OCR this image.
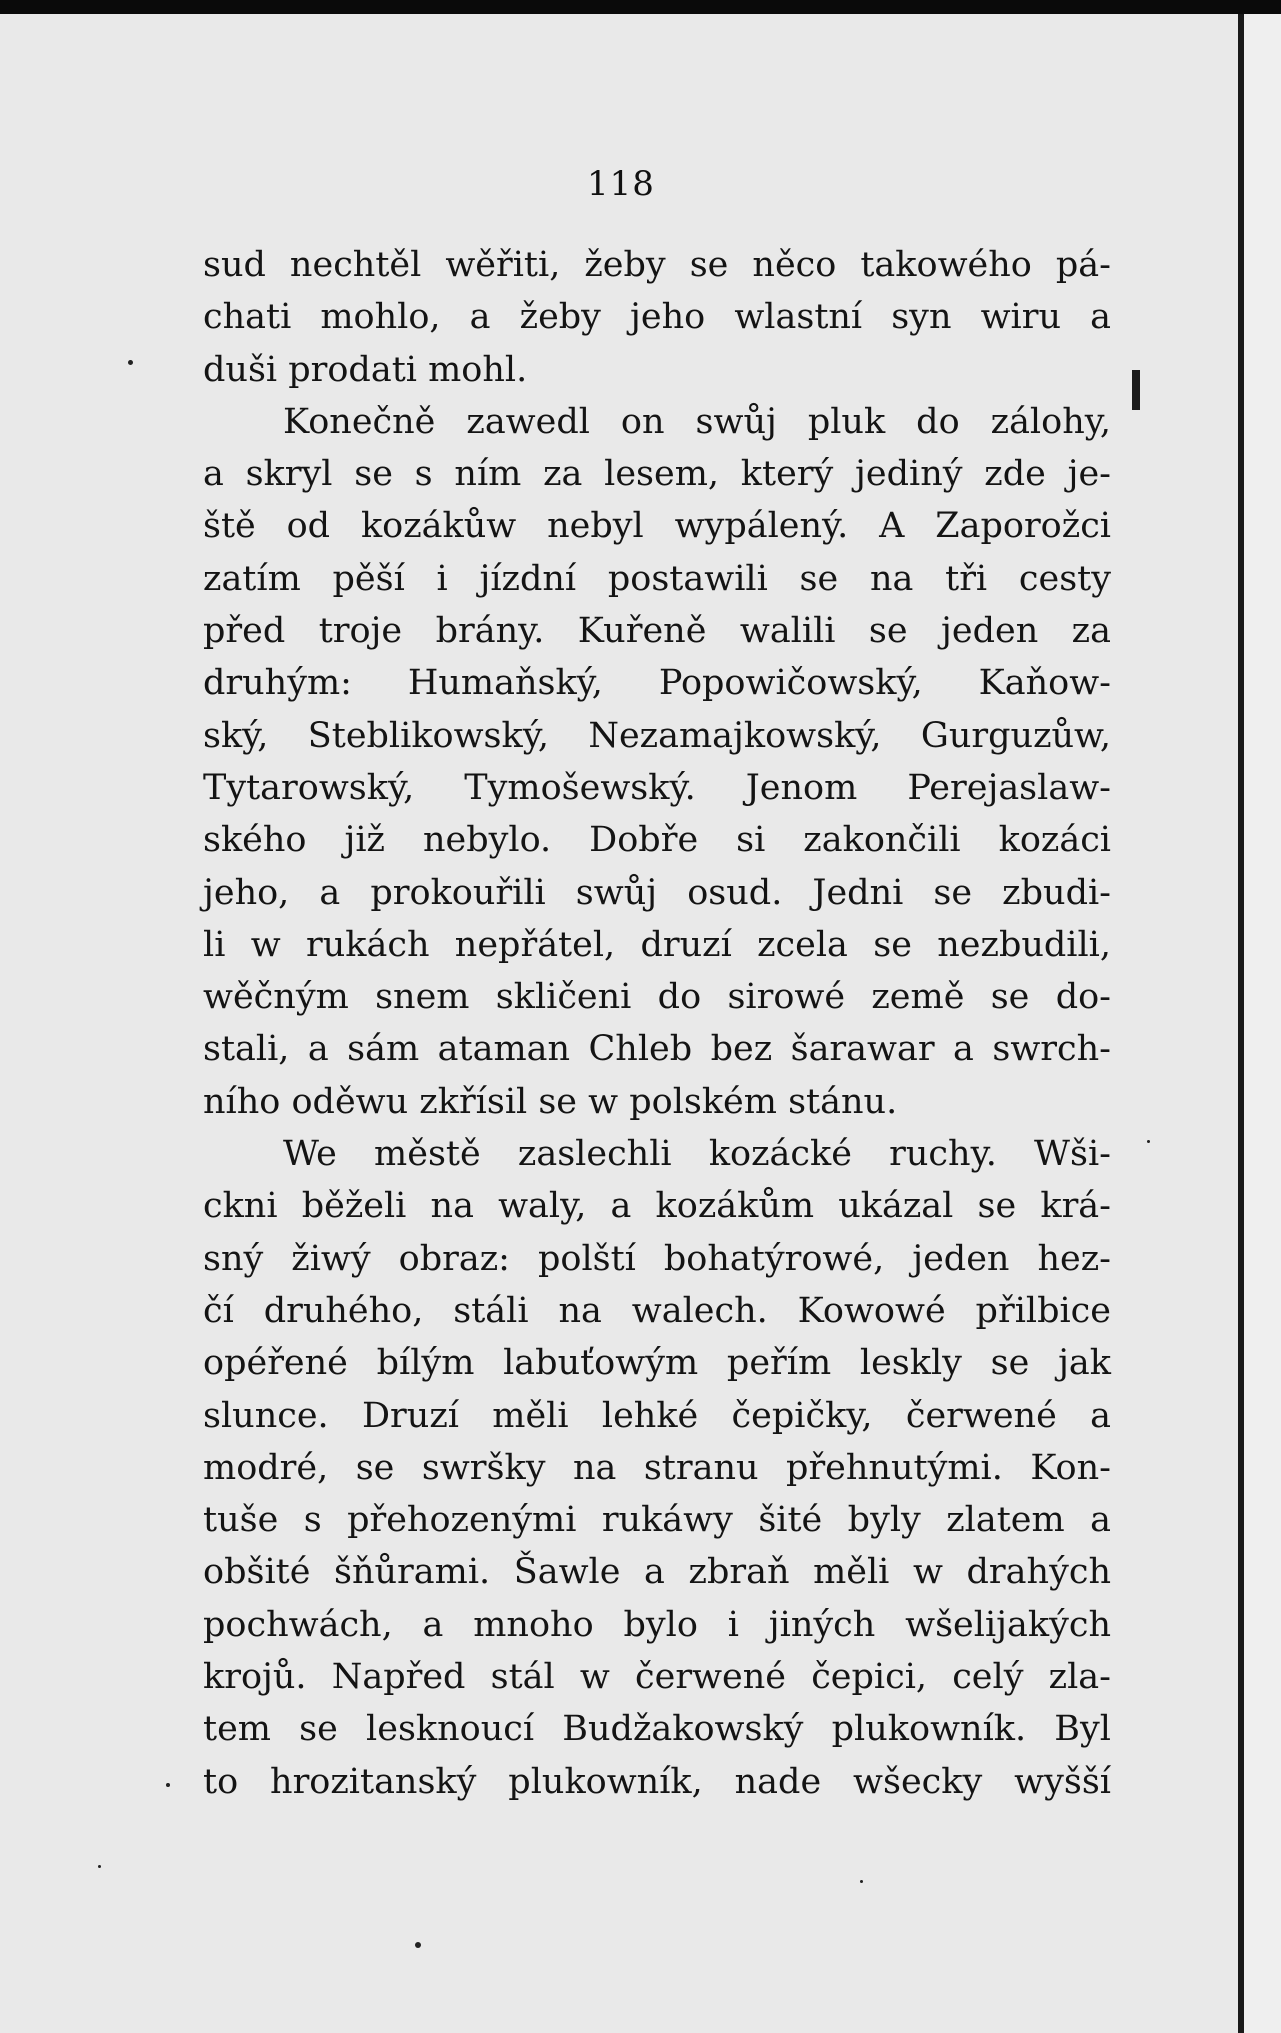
118
sud nechtěl wěřiti, žeby se něco takowého pá-
chati mohlo, a žeby jeho wlastní syn wiru a
duši prodati mohl.
Konečně zawedl on swůj pluk do zálohy,
a skryl se s ním za lesem, který jediný zde je-
ště od kozákůw nebyl wypálený. A Zaporožci
zatím pěší i jízdní postawili se na tři cesty
před troje brány. Kuřeně walili se jeden za
druhým: Humaňský, Popowičowský, Kaňow-
ský, Steblikowský, Nezamajkowský, Gurguzůw,
Tytarowský, Tymošewský. Jenom Perejaslaw-
ského již nebylo. Dobře si zakončili kozáci
jeho, a prokouřili swůj osud. Jedni se zbudi-
li w rukách nepřátel, druzí zcela se nezbudili,
wěčným snem skličeni do sirowé země se do-
stali, a sám ataman Chleb bez šarawar a swrch-
ního oděwu zkřísil se w polském stánu.
We městě zaslechli kozácké ruchy. Wši-
ckni běželi na waly, a kozákům ukázal se krá-
sný žiwý obraz: polští bohatýrowé, jeden hez-
čí druhého, stáli na walech. Kowowé přilbice
opéřené bílým labuťowým peřím leskly se jak
slunce. Druzí měli lehké čepičky, čerwené a
modré, se swršky na stranu přehnutými. Kon-
tuše s přehozenými rukáwy šité byly zlatem a
obšité šňůrami. Šawle a zbraň měli w drahých
pochwách, a mnoho bylo i jiných wšelijakých
krojů. Napřed stál w čerwené čepici, celý zla-
tem se lesknoucí Budžakowský plukowník. Byl
to hrozitanský plukowník, nade wšecky wyšší
